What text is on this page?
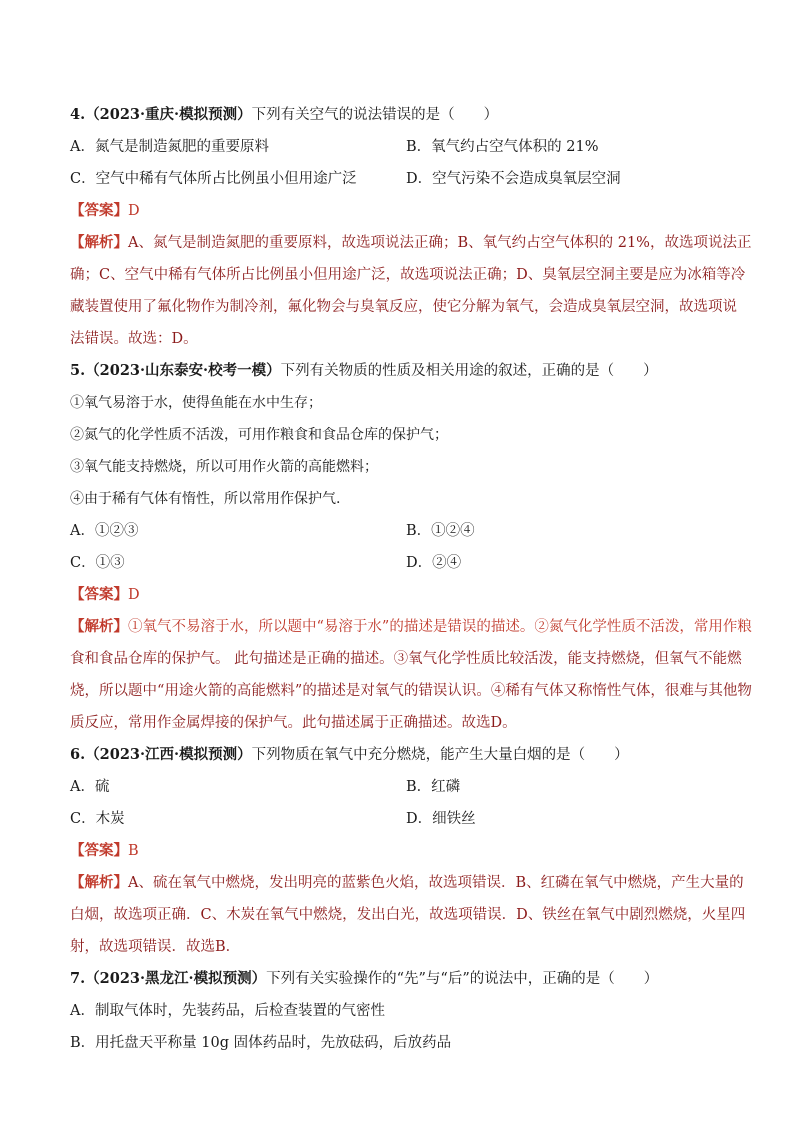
4.（2023·重庆·模拟预测）下列有关空气的说法错误的是（　　）
A．氮气是制造氮肥的重要原料	B．氧气约占空气体积的 21%
C．空气中稀有气体所占比例虽小但用途广泛	D．空气污染不会造成臭氧层空洞
【答案】D
【解析】A、氮气是制造氮肥的重要原料，故选项说法正确；B、氧气约占空气体积的 21%，故选项说法正
确；C、空气中稀有气体所占比例虽小但用途广泛，故选项说法正确；D、臭氧层空洞主要是应为冰箱等冷
藏装置使用了氟化物作为制冷剂，氟化物会与臭氧反应，使它分解为氧气，会造成臭氧层空洞，故选项说
法错误。故选：D。
5.（2023·山东泰安·校考一模）下列有关物质的性质及相关用途的叙述，正确的是（　　）
①氧气易溶于水，使得鱼能在水中生存；
②氮气的化学性质不活泼，可用作粮食和食品仓库的保护气；
③氧气能支持燃烧，所以可用作火箭的高能燃料；
④由于稀有气体有惰性，所以常用作保护气.
A．①②③	B．①②④
C．①③	D．②④
【答案】D
【解析】①氧气不易溶于水，所以题中“易溶于水”的描述是错误的描述。②氮气化学性质不活泼，常用作粮
食和食品仓库的保护气。 此句描述是正确的描述。③氧气化学性质比较活泼，能支持燃烧，但氧气不能燃
烧，所以题中“用途火箭的高能燃料”的描述是对氧气的错误认识。④稀有气体又称惰性气体，很难与其他物
质反应，常用作金属焊接的保护气。此句描述属于正确描述。故选D。
6.（2023·江西·模拟预测）下列物质在氧气中充分燃烧，能产生大量白烟的是（　　）
A．硫	B．红磷
C．木炭	D．细铁丝
【答案】B
【解析】A、硫在氧气中燃烧，发出明亮的蓝紫色火焰，故选项错误．B、红磷在氧气中燃烧，产生大量的
白烟，故选项正确．C、木炭在氧气中燃烧，发出白光，故选项错误．D、铁丝在氧气中剧烈燃烧，火星四
射，故选项错误．故选B．
7.（2023·黑龙江·模拟预测）下列有关实验操作的“先”与“后”的说法中，正确的是（　　）
A．制取气体时，先装药品，后检查装置的气密性
B．用托盘天平称量 10g 固体药品时，先放砝码，后放药品
